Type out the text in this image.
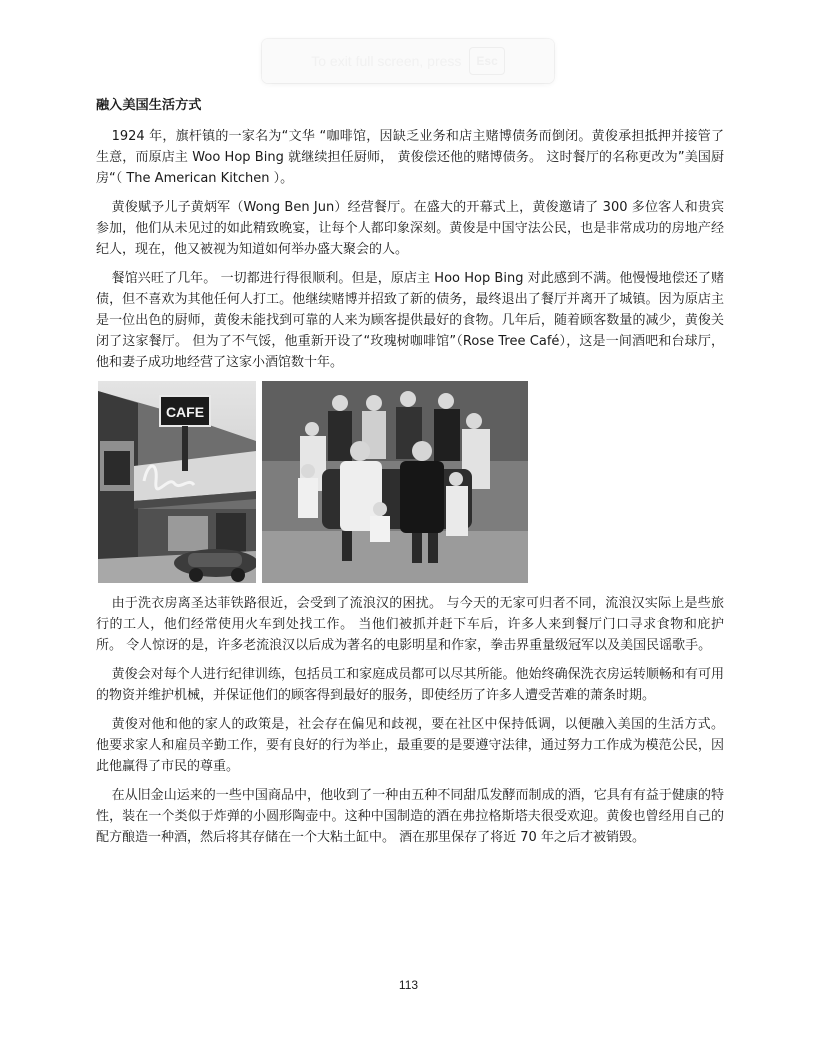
To exit full screen, press	Esc
融入美国生活方式

1924 年，旗杆镇的一家名为“文华 “咖啡馆，因缺乏业务和店主赌博债务而倒闭。黄俊承担抵押并接管了生意，而原店主 Woo Hop Bing 就继续担任厨师， 黄俊偿还他的赌博债务。 这时餐厅的名称更改为”美国厨房“（ The American Kitchen ）。

黄俊赋予儿子黄炳军（Wong Ben Jun）经营餐厅。在盛大的开幕式上，黄俊邀请了 300 多位客人和贵宾参加，他们从未见过的如此精致晚宴，让每个人都印象深刻。黄俊是中国守法公民，也是非常成功的房地产经纪人，现在，他又被视为知道如何举办盛大聚会的人。

餐馆兴旺了几年。 一切都进行得很顺利。但是，原店主 Hoo Hop Bing 对此感到不满。他慢慢地偿还了赌债，但不喜欢为其他任何人打工。他继续赌博并招致了新的债务，最终退出了餐厅并离开了城镇。因为原店主是一位出色的厨师，黄俊未能找到可靠的人来为顾客提供最好的食物。几年后，随着顾客数量的减少，黄俊关闭了这家餐厅。 但为了不气馁，他重新开设了“玫瑰树咖啡馆”（Rose Tree Café），这是一间酒吧和台球厅，他和妻子成功地经营了这家小酒馆数十年。

CAFE

由于洗衣房离圣达菲铁路很近，会受到了流浪汉的困扰。 与今天的无家可归者不同，流浪汉实际上是些旅行的工人，他们经常使用火车到处找工作。 当他们被抓并赶下车后，许多人来到餐厅门口寻求食物和庇护所。 令人惊讶的是，许多老流浪汉以后成为著名的电影明星和作家，拳击界重量级冠军以及美国民谣歌手。

黄俊会对每个人进行纪律训练，包括员工和家庭成员都可以尽其所能。他始终确保洗衣房运转顺畅和有可用的物资并维护机械，并保证他们的顾客得到最好的服务，即使经历了许多人遭受苦难的萧条时期。

黄俊对他和他的家人的政策是，社会存在偏见和歧视，要在社区中保持低调，以便融入美国的生活方式。 他要求家人和雇员辛勤工作，要有良好的行为举止，最重要的是要遵守法律，通过努力工作成为模范公民，因此他赢得了市民的尊重。

在从旧金山运来的一些中国商品中，他收到了一种由五种不同甜瓜发酵而制成的酒，它具有有益于健康的特性，装在一个类似于炸弹的小圆形陶壶中。这种中国制造的酒在弗拉格斯塔夫很受欢迎。黄俊也曾经用自己的配方酿造一种酒，然后将其存储在一个大粘土缸中。 酒在那里保存了将近 70 年之后才被销毁。

113
